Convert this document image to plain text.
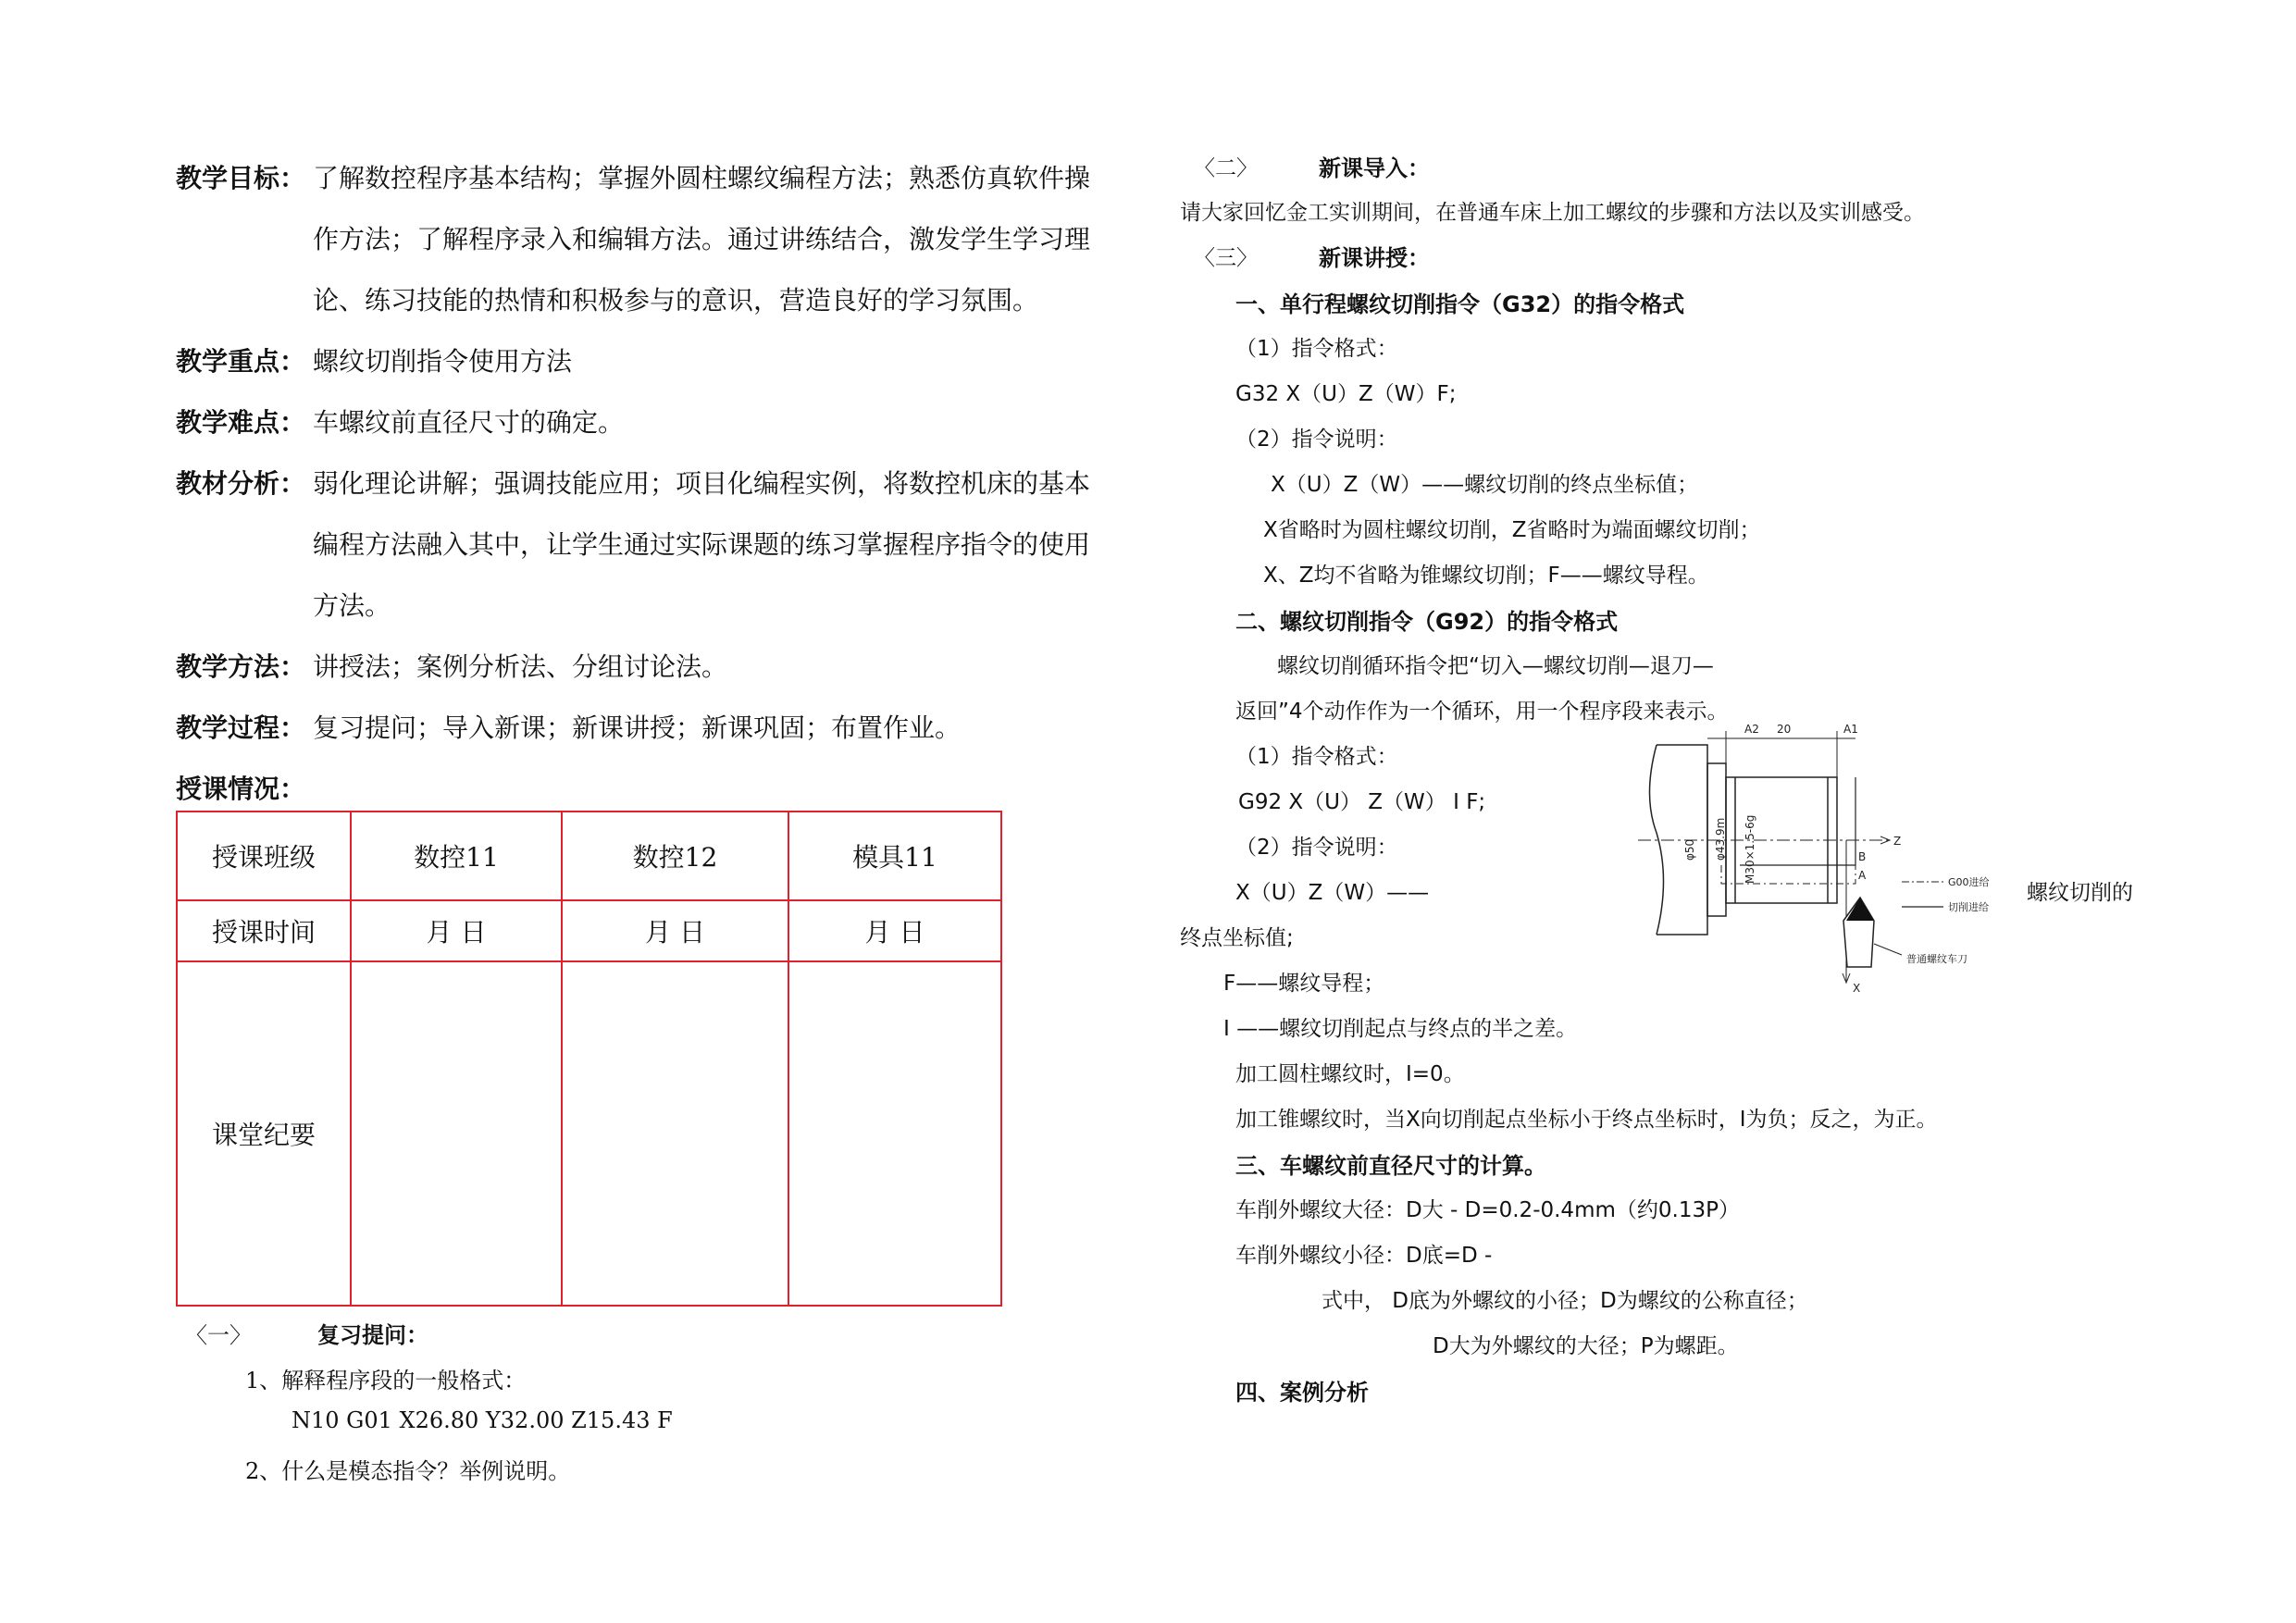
教学目标： 了解数控程序基本结构；掌握外圆柱螺纹编程方法；熟悉仿真软件操
作方法；了解程序录入和编辑方法。通过讲练结合，激发学生学习理
论、练习技能的热情和积极参与的意识，营造良好的学习氛围。
教学重点： 螺纹切削指令使用方法
教学难点： 车螺纹前直径尺寸的确定。
教材分析： 弱化理论讲解；强调技能应用；项目化编程实例，将数控机床的基本
编程方法融入其中，让学生通过实际课题的练习掌握程序指令的使用
方法。
教学方法： 讲授法；案例分析法、分组讨论法。
教学过程： 复习提问；导入新课；新课讲授；新课巩固；布置作业。
授课情况：
授课班级	数控11	数控12	模具11
授课时间	月 日	月 日	月 日
课堂纪要			
〈一〉	复习提问：
1、解释程序段的一般格式：
N10 G01 X26.80 Y32.00 Z15.43 F
2、什么是模态指令？举例说明。
〈二〉	新课导入：
请大家回忆金工实训期间，在普通车床上加工螺纹的步骤和方法以及实训感受。
〈三〉	新课讲授：
一、单行程螺纹切削指令（G32）的指令格式
（1）指令格式：
G32 X（U）Z（W）F;
（2）指令说明：
X（U）Z（W）——螺纹切削的终点坐标值；
X省略时为圆柱螺纹切削，Z省略时为端面螺纹切削；
X、Z均不省略为锥螺纹切削；F——螺纹导程。
二、螺纹切削指令（G92）的指令格式
螺纹切削循环指令把“切入—螺纹切削—退刀—
返回”4个动作作为一个循环，用一个程序段来表示。
（1）指令格式：
G92 X（U） Z（W） I F;
（2）指令说明：
X（U）Z（W）——	螺纹切削的
终点坐标值;
F——螺纹导程；
I ——螺纹切削起点与终点的半之差。
加工圆柱螺纹时，I=0。
加工锥螺纹时，当X向切削起点坐标小于终点坐标时，I为负；反之，为正。
三、车螺纹前直径尺寸的计算。
车削外螺纹大径：D大 - D=0.2-0.4mm（约0.13P）
车削外螺纹小径：D底=D -
式中， D底为外螺纹的小径；D为螺纹的公称直径；
D大为外螺纹的大径；P为螺距。
四、案例分析
A2 20	A1
φ50 φ43.9m M30×1.5-6g	Z
X
B
A
G00进给
切削进给
普通螺纹车刀
